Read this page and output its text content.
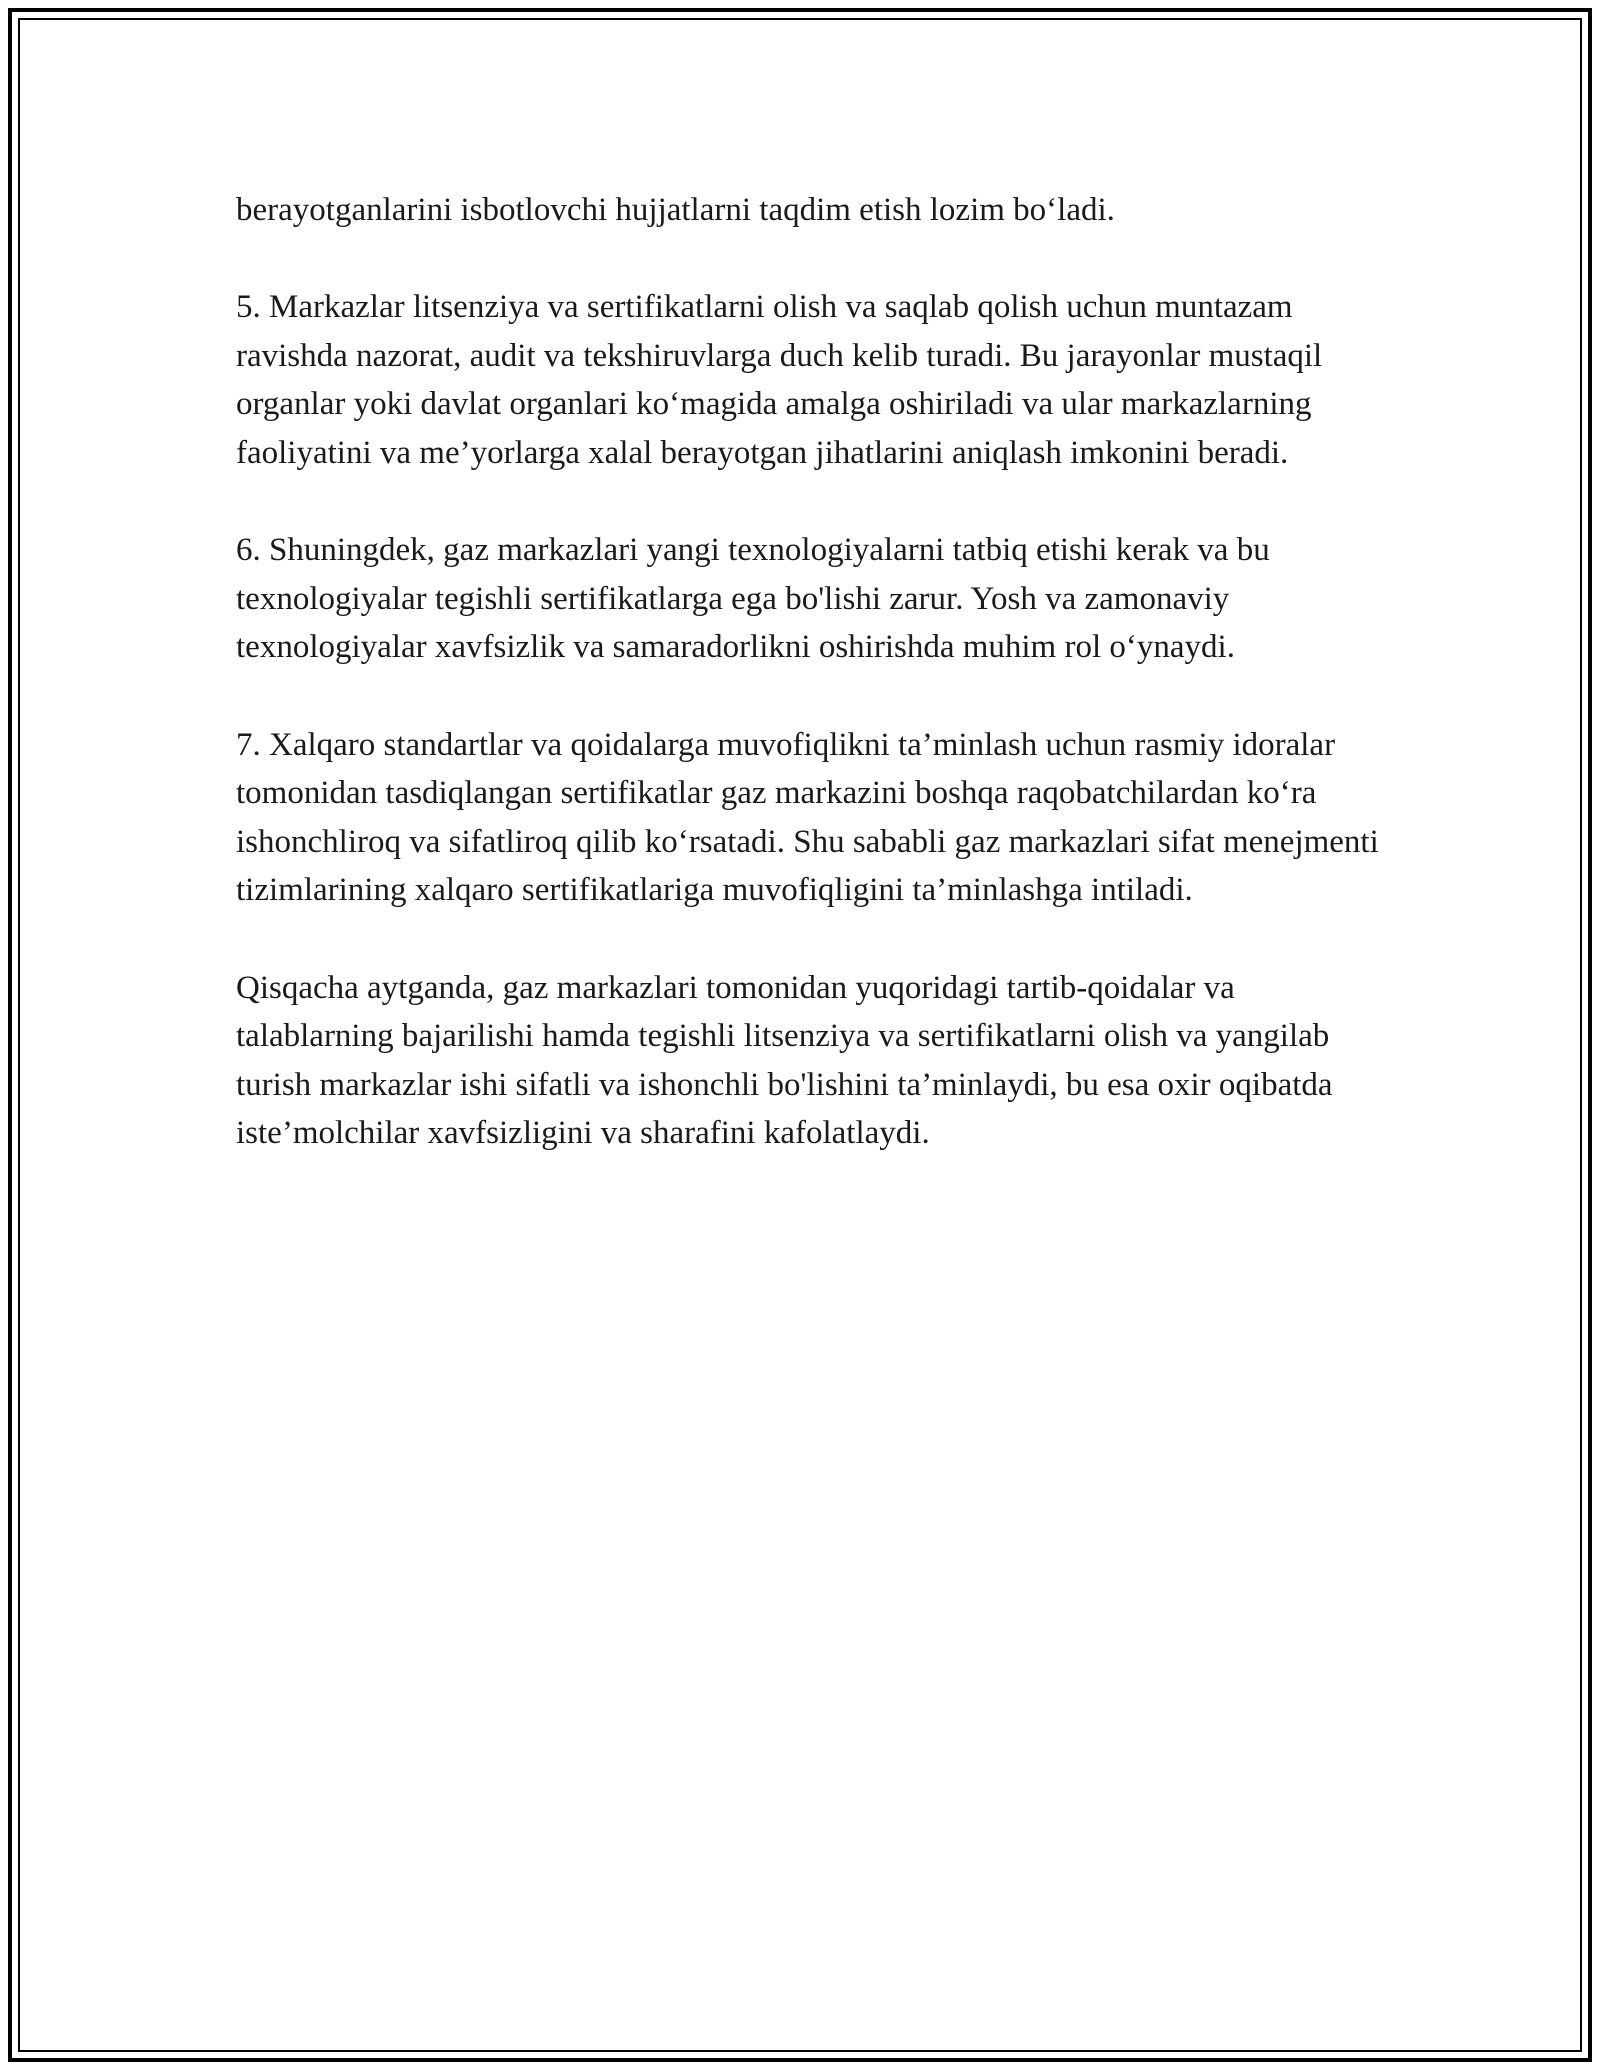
berayotganlarini isbotlovchi hujjatlarni taqdim etish lozim bo‘ladi.

5. Markazlar litsenziya va sertifikatlarni olish va saqlab qolish uchun muntazam ravishda nazorat, audit va tekshiruvlarga duch kelib turadi. Bu jarayonlar mustaqil organlar yoki davlat organlari ko‘magida amalga oshiriladi va ular markazlarning faoliyatini va me’yorlarga xalal berayotgan jihatlarini aniqlash imkonini beradi.

6. Shuningdek, gaz markazlari yangi texnologiyalarni tatbiq etishi kerak va bu texnologiyalar tegishli sertifikatlarga ega bo'lishi zarur. Yosh va zamonaviy texnologiyalar xavfsizlik va samaradorlikni oshirishda muhim rol o‘ynaydi.

7. Xalqaro standartlar va qoidalarga muvofiqlikni ta’minlash uchun rasmiy idoralar tomonidan tasdiqlangan sertifikatlar gaz markazini boshqa raqobatchilardan ko‘ra ishonchliroq va sifatliroq qilib ko‘rsatadi. Shu sababli gaz markazlari sifat menejmenti tizimlarining xalqaro sertifikatlariga muvofiqligini ta’minlashga intiladi.

Qisqacha aytganda, gaz markazlari tomonidan yuqoridagi tartib-qoidalar va talablarning bajarilishi hamda tegishli litsenziya va sertifikatlarni olish va yangilab turish markazlar ishi sifatli va ishonchli bo'lishini ta’minlaydi, bu esa oxir oqibatda iste’molchilar xavfsizligini va sharafini kafolatlaydi.
